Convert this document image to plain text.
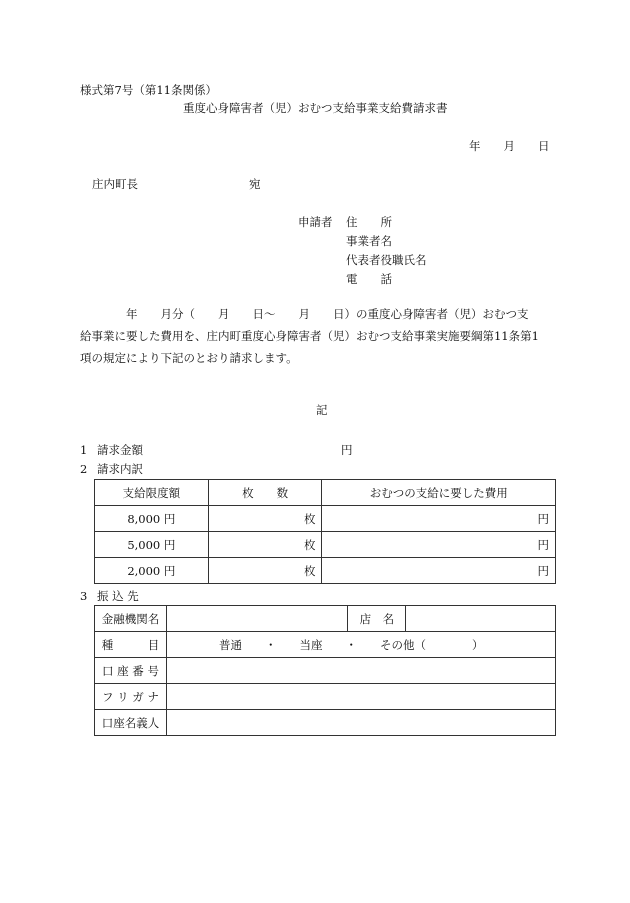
様式第7号（第11条関係）
重度心身障害者（児）おむつ支給事業支給費請求書
年　　月　　日
庄内町長	宛
申請者 住　　所
事業者名
代表者役職氏名
電　　話
　　　　年　　月分（　　月　　日〜　　月　　日）の重度心身障害者（児）おむつ支
給事業に要した費用を、庄内町重度心身障害者（児）おむつ支給事業実施要綱第11条第1
項の規定により下記のとおり請求します。
記
1 請求金額	円
2 請求内訳
支給限度額	枚　　数	おむつの支給に要した費用
8,000 円	枚	円
5,000 円	枚	円
2,000 円	枚	円
3 振 込 先
金融機関名		店　名	
種　　　目	普通　　・　　当座　　・　　その他（　　　　）		
口 座 番 号			
フ リ ガ ナ			
口座名義人			
